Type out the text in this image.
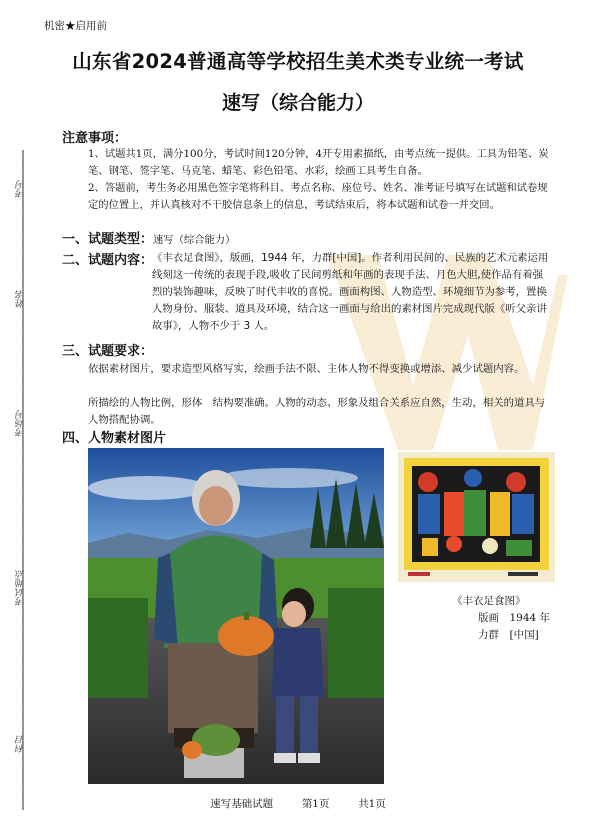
机密★启用前
山东省2024普通高等学校招生美术类专业统一考试
速写（综合能力）
考号
姓名
考场号
考试地点
科目
注意事项：
1、试题共1页，满分100分，考试时间120分钟，4开专用素描纸，由考点统一提供。工具为铅笔、炭笔、钢笔、签字笔、马克笔、蜡笔、彩色铅笔、水彩，绘画工具考生自备。
2、答题前，考生务必用黑色签字笔将科目、考点名称、座位号、姓名、准考证号填写在试题和试卷规定的位置上，并认真核对不干胶信息条上的信息，考试结束后，将本试题和试卷一并交回。
一、试题类型：速写（综合能力）
二、试题内容：
《丰衣足食图》，版画，1944 年，力群[中国]。作者利用民间的、民族的艺术元素运用线刻这一传统的表现手段,吸收了民间剪纸和年画的表现手法、月色大胆,使作品有着强烈的装饰趣味，反映了时代丰收的喜悦。画面构图、人物造型、环境细节为参考，置换人物身份、服装、道具及环境，结合这一画面与给出的素材图片完成现代版《听父亲讲故事》，人物不少于 3 人。
三、试题要求：
依据素材图片，要求造型风格写实，绘画手法不限、主体人物不得变换或增添、减少试题内容。
所描绘的人物比例，形体　结构要准确。人物的动态、形象及组合关系应自然，生动，相关的道具与人物搭配协调。
四、人物素材图片
《丰衣足食图》
版画　1944 年
力群　[中国]
速写基础试题	第1页	共1页
